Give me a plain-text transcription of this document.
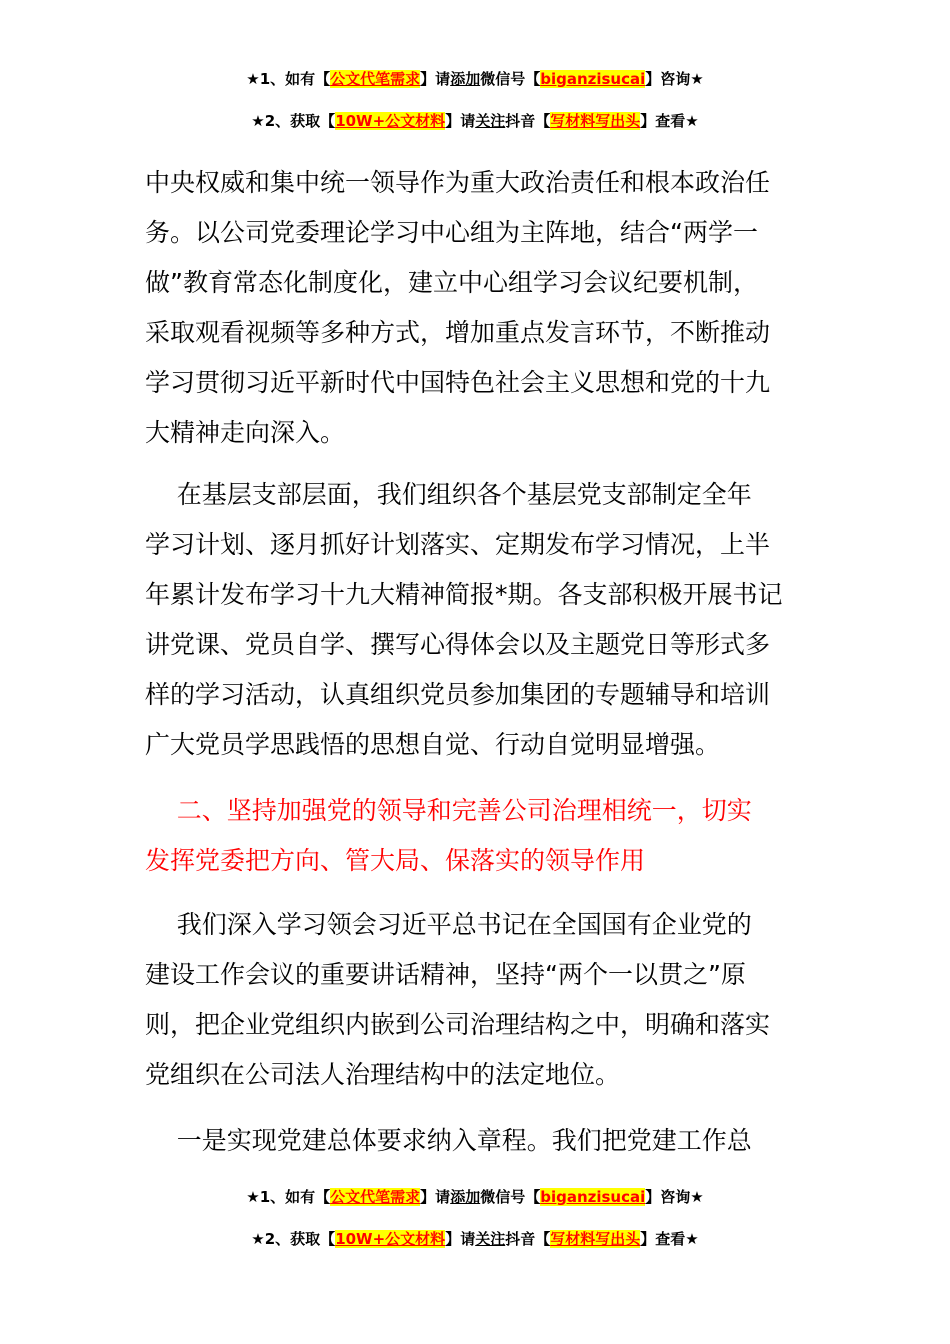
★1、如有【公文代笔需求】请添加微信号【biganzisucai】咨询★
★2、获取【10W+公文材料】请关注抖音【写材料写出头】查看★
中央权威和集中统一领导作为重大政治责任和根本政治任
务。以公司党委理论学习中心组为主阵地，结合“两学一
做”教育常态化制度化，建立中心组学习会议纪要机制，
采取观看视频等多种方式，增加重点发言环节，不断推动
学习贯彻习近平新时代中国特色社会主义思想和党的十九
大精神走向深入。
在基层支部层面，我们组织各个基层党支部制定全年
学习计划、逐月抓好计划落实、定期发布学习情况，上半
年累计发布学习十九大精神简报*期。各支部积极开展书记
讲党课、党员自学、撰写心得体会以及主题党日等形式多
样的学习活动，认真组织党员参加集团的专题辅导和培训
广大党员学思践悟的思想自觉、行动自觉明显增强。
二、坚持加强党的领导和完善公司治理相统一，切实
发挥党委把方向、管大局、保落实的领导作用
我们深入学习领会习近平总书记在全国国有企业党的
建设工作会议的重要讲话精神，坚持“两个一以贯之”原
则，把企业党组织内嵌到公司治理结构之中，明确和落实
党组织在公司法人治理结构中的法定地位。
一是实现党建总体要求纳入章程。我们把党建工作总
★1、如有【公文代笔需求】请添加微信号【biganzisucai】咨询★
★2、获取【10W+公文材料】请关注抖音【写材料写出头】查看★
